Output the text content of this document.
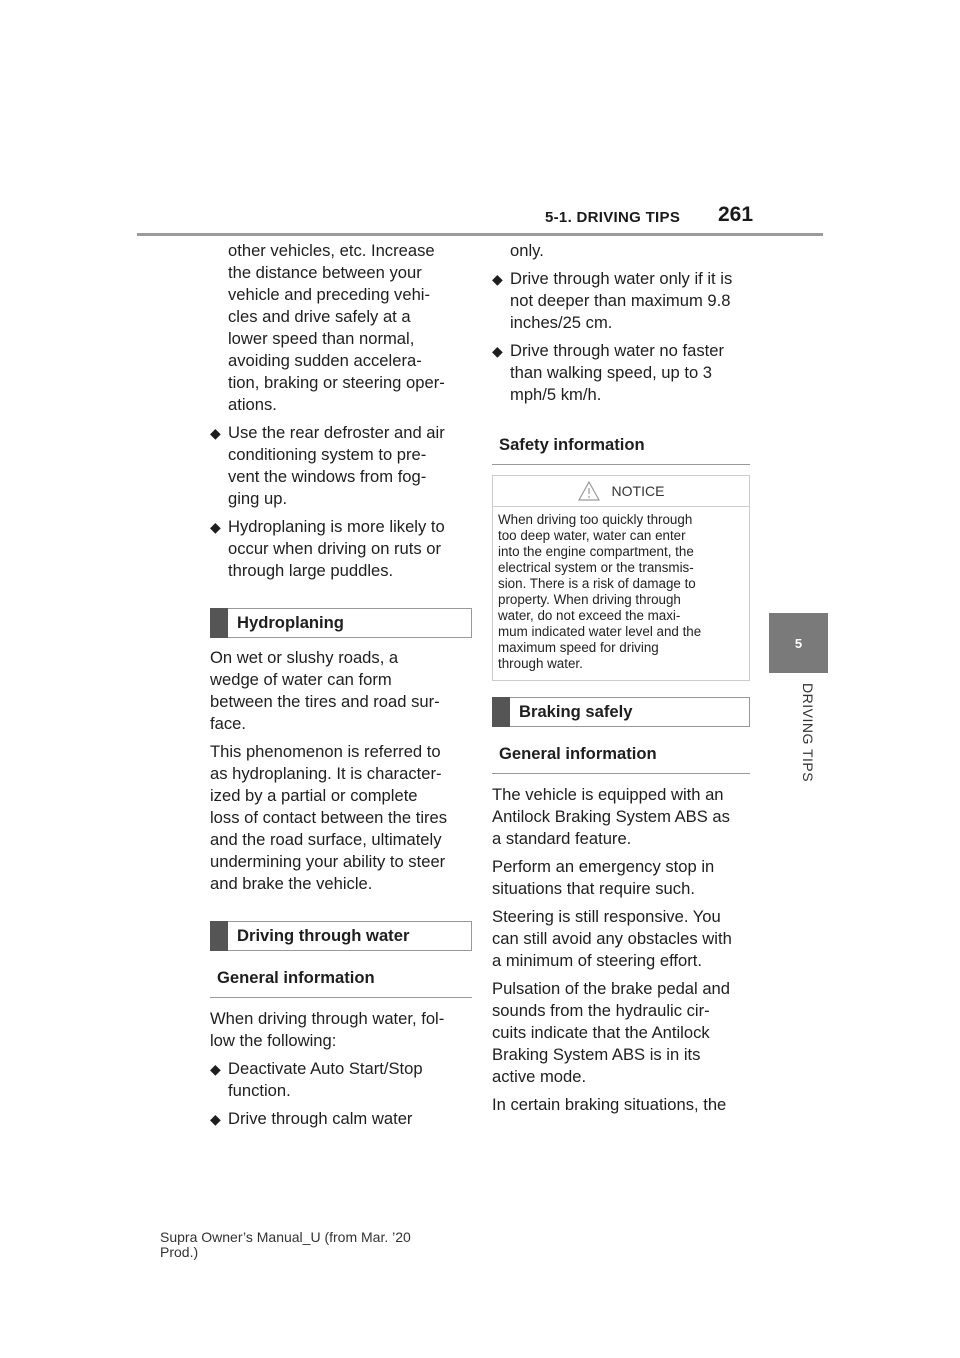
5-1. DRIVING TIPS 261
5
DRIVING TIPS

other vehicles, etc. Increase
the distance between your
vehicle and preceding vehi-
cles and drive safely at a
lower speed than normal,
avoiding sudden accelera-
tion, braking or steering oper-
ations.

◆ Use the rear defroster and air
conditioning system to pre-
vent the windows from fog-
ging up.
◆ Hydroplaning is more likely to
occur when driving on ruts or
through large puddles.
Hydroplaning

On wet or slushy roads, a
wedge of water can form
between the tires and road sur-
face.

This phenomenon is referred to
as hydroplaning. It is character-
ized by a partial or complete
loss of contact between the tires
and the road surface, ultimately
undermining your ability to steer
and brake the vehicle.

Driving through water
General information

When driving through water, fol-
low the following:

◆ Deactivate Auto Start/Stop
function.
◆ Drive through calm water

only.

◆ Drive through water only if it is
not deeper than maximum 9.8
inches/25 cm.
◆ Drive through water no faster
than walking speed, up to 3
mph/5 km/h.
Safety information
NOTICE
When driving too quickly through
too deep water, water can enter
into the engine compartment, the
electrical system or the transmis-
sion. There is a risk of damage to
property. When driving through
water, do not exceed the maxi-
mum indicated water level and the
maximum speed for driving
through water.
Braking safely
General information

The vehicle is equipped with an
Antilock Braking System ABS as
a standard feature.

Perform an emergency stop in
situations that require such.

Steering is still responsive. You
can still avoid any obstacles with
a minimum of steering effort.

Pulsation of the brake pedal and
sounds from the hydraulic cir-
cuits indicate that the Antilock
Braking System ABS is in its
active mode.

In certain braking situations, the

Supra Owner’s Manual_U (from Mar. ’20
Prod.)
